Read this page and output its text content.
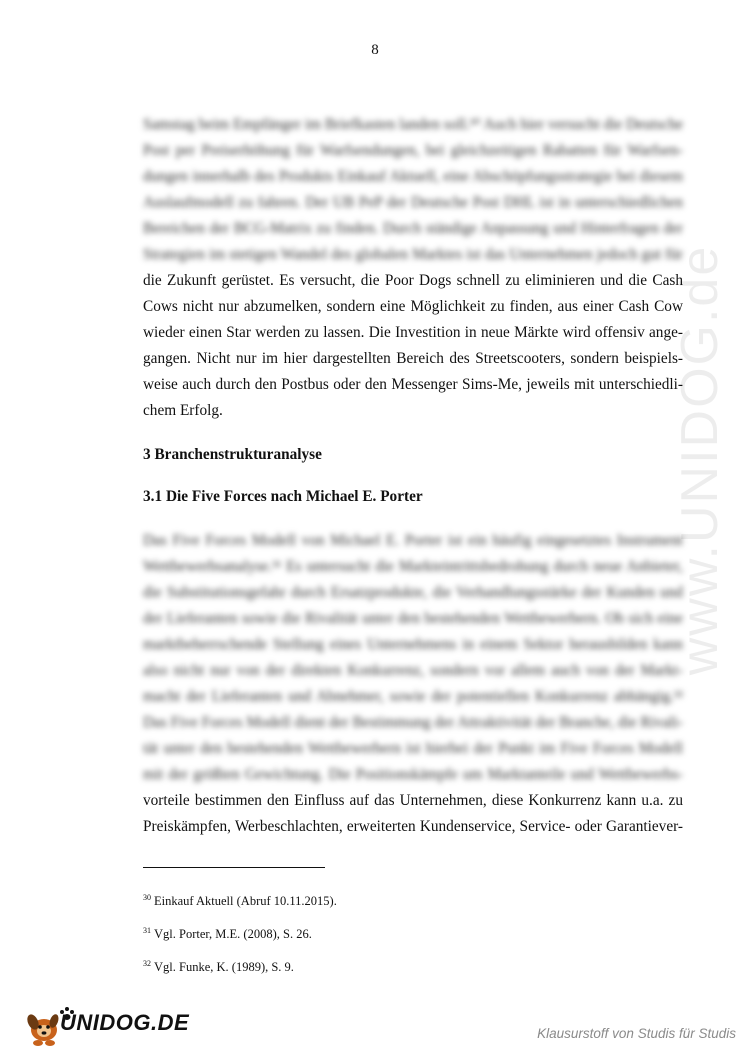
8
Samstag beim Empfänger im Briefkasten landen soll.³⁰ Auch hier versucht die Deutsche
Post per Preiserhöhung für Warfsendungen, bei gleichzeitigen Rabatten für Warfsen-
dungen innerhalb des Produkts Einkauf Aktuell, eine Abschöpfungsstrategie bei diesem
Auslaufmodell zu fahren. Der UB PeP der Deutsche Post DHL ist in unterschiedlichen
Bereichen der BCG-Matrix zu finden. Durch ständige Anpassung und Hinterfragen der
Strategien im stetigen Wandel des globalen Marktes ist das Unternehmen jedoch gut für
die Zukunft gerüstet. Es versucht, die Poor Dogs schnell zu eliminieren und die Cash
Cows nicht nur abzumelken, sondern eine Möglichkeit zu finden, aus einer Cash Cow
wieder einen Star werden zu lassen. Die Investition in neue Märkte wird offensiv ange-
gangen. Nicht nur im hier dargestellten Bereich des Streetscooters, sondern beispiels-
weise auch durch den Postbus oder den Messenger Sims-Me, jeweils mit unterschiedli-
chem Erfolg.
3 Branchenstrukturanalyse
3.1 Die Five Forces nach Michael E. Porter
Das Five Forces Modell von Michael E. Porter ist ein häufig eingesetztes Instrument
Wettbewerbsanalyse.³¹ Es untersucht die Markteintrittsbedrohung durch neue Anbieter,
die Substitutionsgefahr durch Ersatzprodukte, die Verhandlungsstärke der Kunden und
der Lieferanten sowie die Rivalität unter den bestehenden Wettbewerbern. Ob sich eine
marktbeherrschende Stellung eines Unternehmens in einem Sektor herausbilden kann
also nicht nur von der direkten Konkurrenz, sondern vor allem auch von der Markt-
macht der Lieferanten und Abnehmer, sowie der potentiellen Konkurrenz abhängig.³²
Das Five Forces Modell dient der Bestimmung der Attraktivität der Branche, die Rivali-
tät unter den bestehenden Wettbewerbern ist hierbei der Punkt im Five Forces Modell
mit der größten Gewichtung. Die Positionskämpfe um Marktanteile und Wettbewerbs-
vorteile bestimmen den Einfluss auf das Unternehmen, diese Konkurrenz kann u.a. zu
Preiskämpfen, Werbeschlachten, erweiterten Kundenservice, Service- oder Garantiever-
$^{30}$ Einkauf Aktuell (Abruf 10.11.2015).
$^{31}$ Vgl. Porter, M.E. (2008), S. 26.
$^{32}$ Vgl. Funke, K. (1989), S. 9.
www.UNIDOG.de
UNIDOG.DE	Klausurstoff von Studis für Studis
